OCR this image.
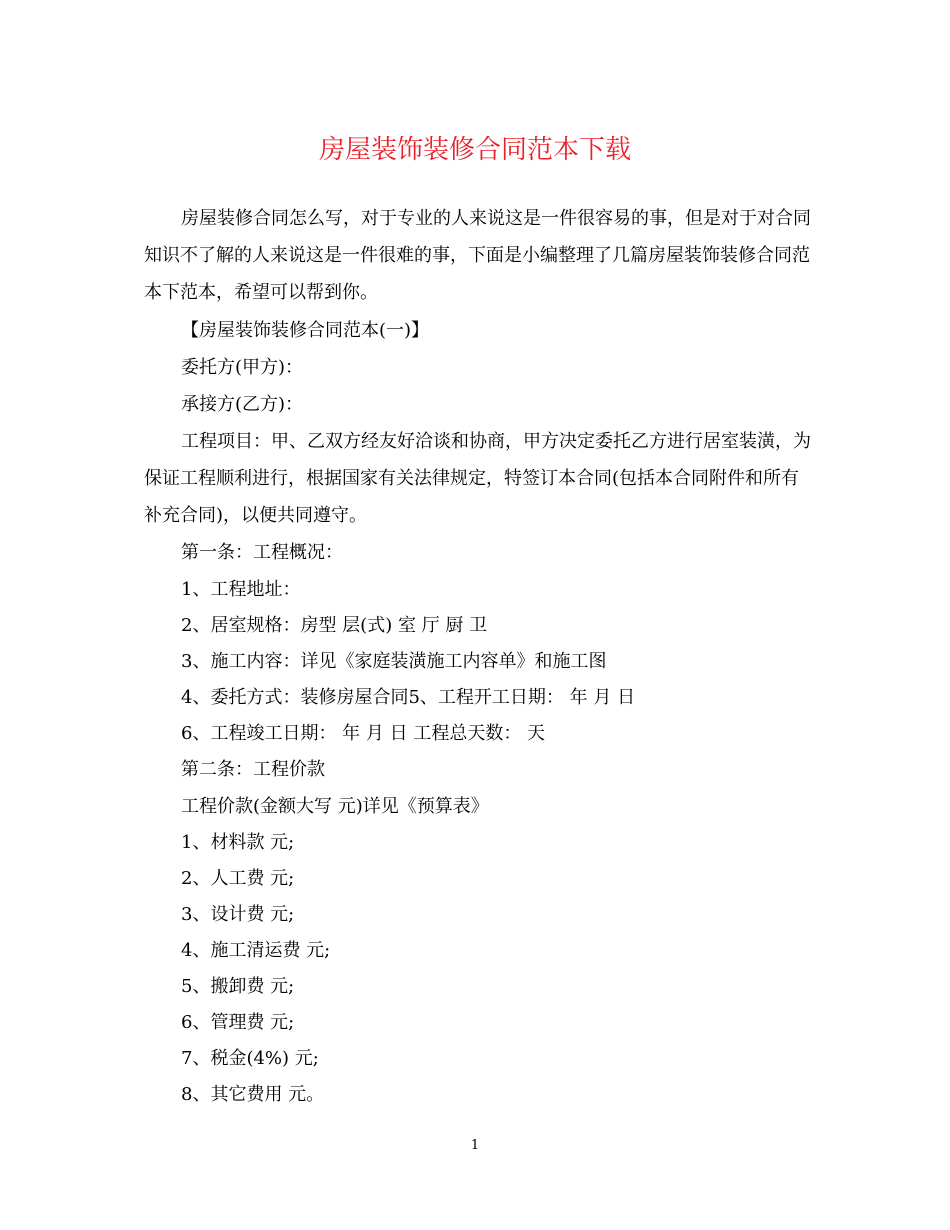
房屋装饰装修合同范本下载

房屋装修合同怎么写，对于专业的人来说这是一件很容易的事，但是对于对合同知识不了解的人来说这是一件很难的事，下面是小编整理了几篇房屋装饰装修合同范本下范本，希望可以帮到你。

【房屋装饰装修合同范本(一)】

委托方(甲方)：

承接方(乙方)：

工程项目：甲、乙双方经友好洽谈和协商，甲方决定委托乙方进行居室装潢，为保证工程顺利进行，根据国家有关法律规定，特签订本合同(包括本合同附件和所有补充合同)，以便共同遵守。

第一条：工程概况：

1、工程地址：

2、居室规格：房型 层(式) 室 厅 厨 卫

3、施工内容：详见《家庭装潢施工内容单》和施工图

4、委托方式：装修房屋合同5、工程开工日期： 年 月 日

6、工程竣工日期： 年 月 日 工程总天数： 天

第二条：工程价款

工程价款(金额大写 元)详见《预算表》

1、材料款 元;

2、人工费 元;

3、设计费 元;

4、施工清运费 元;

5、搬卸费 元;

6、管理费 元;

7、税金(4%) 元;

8、其它费用 元。

1
